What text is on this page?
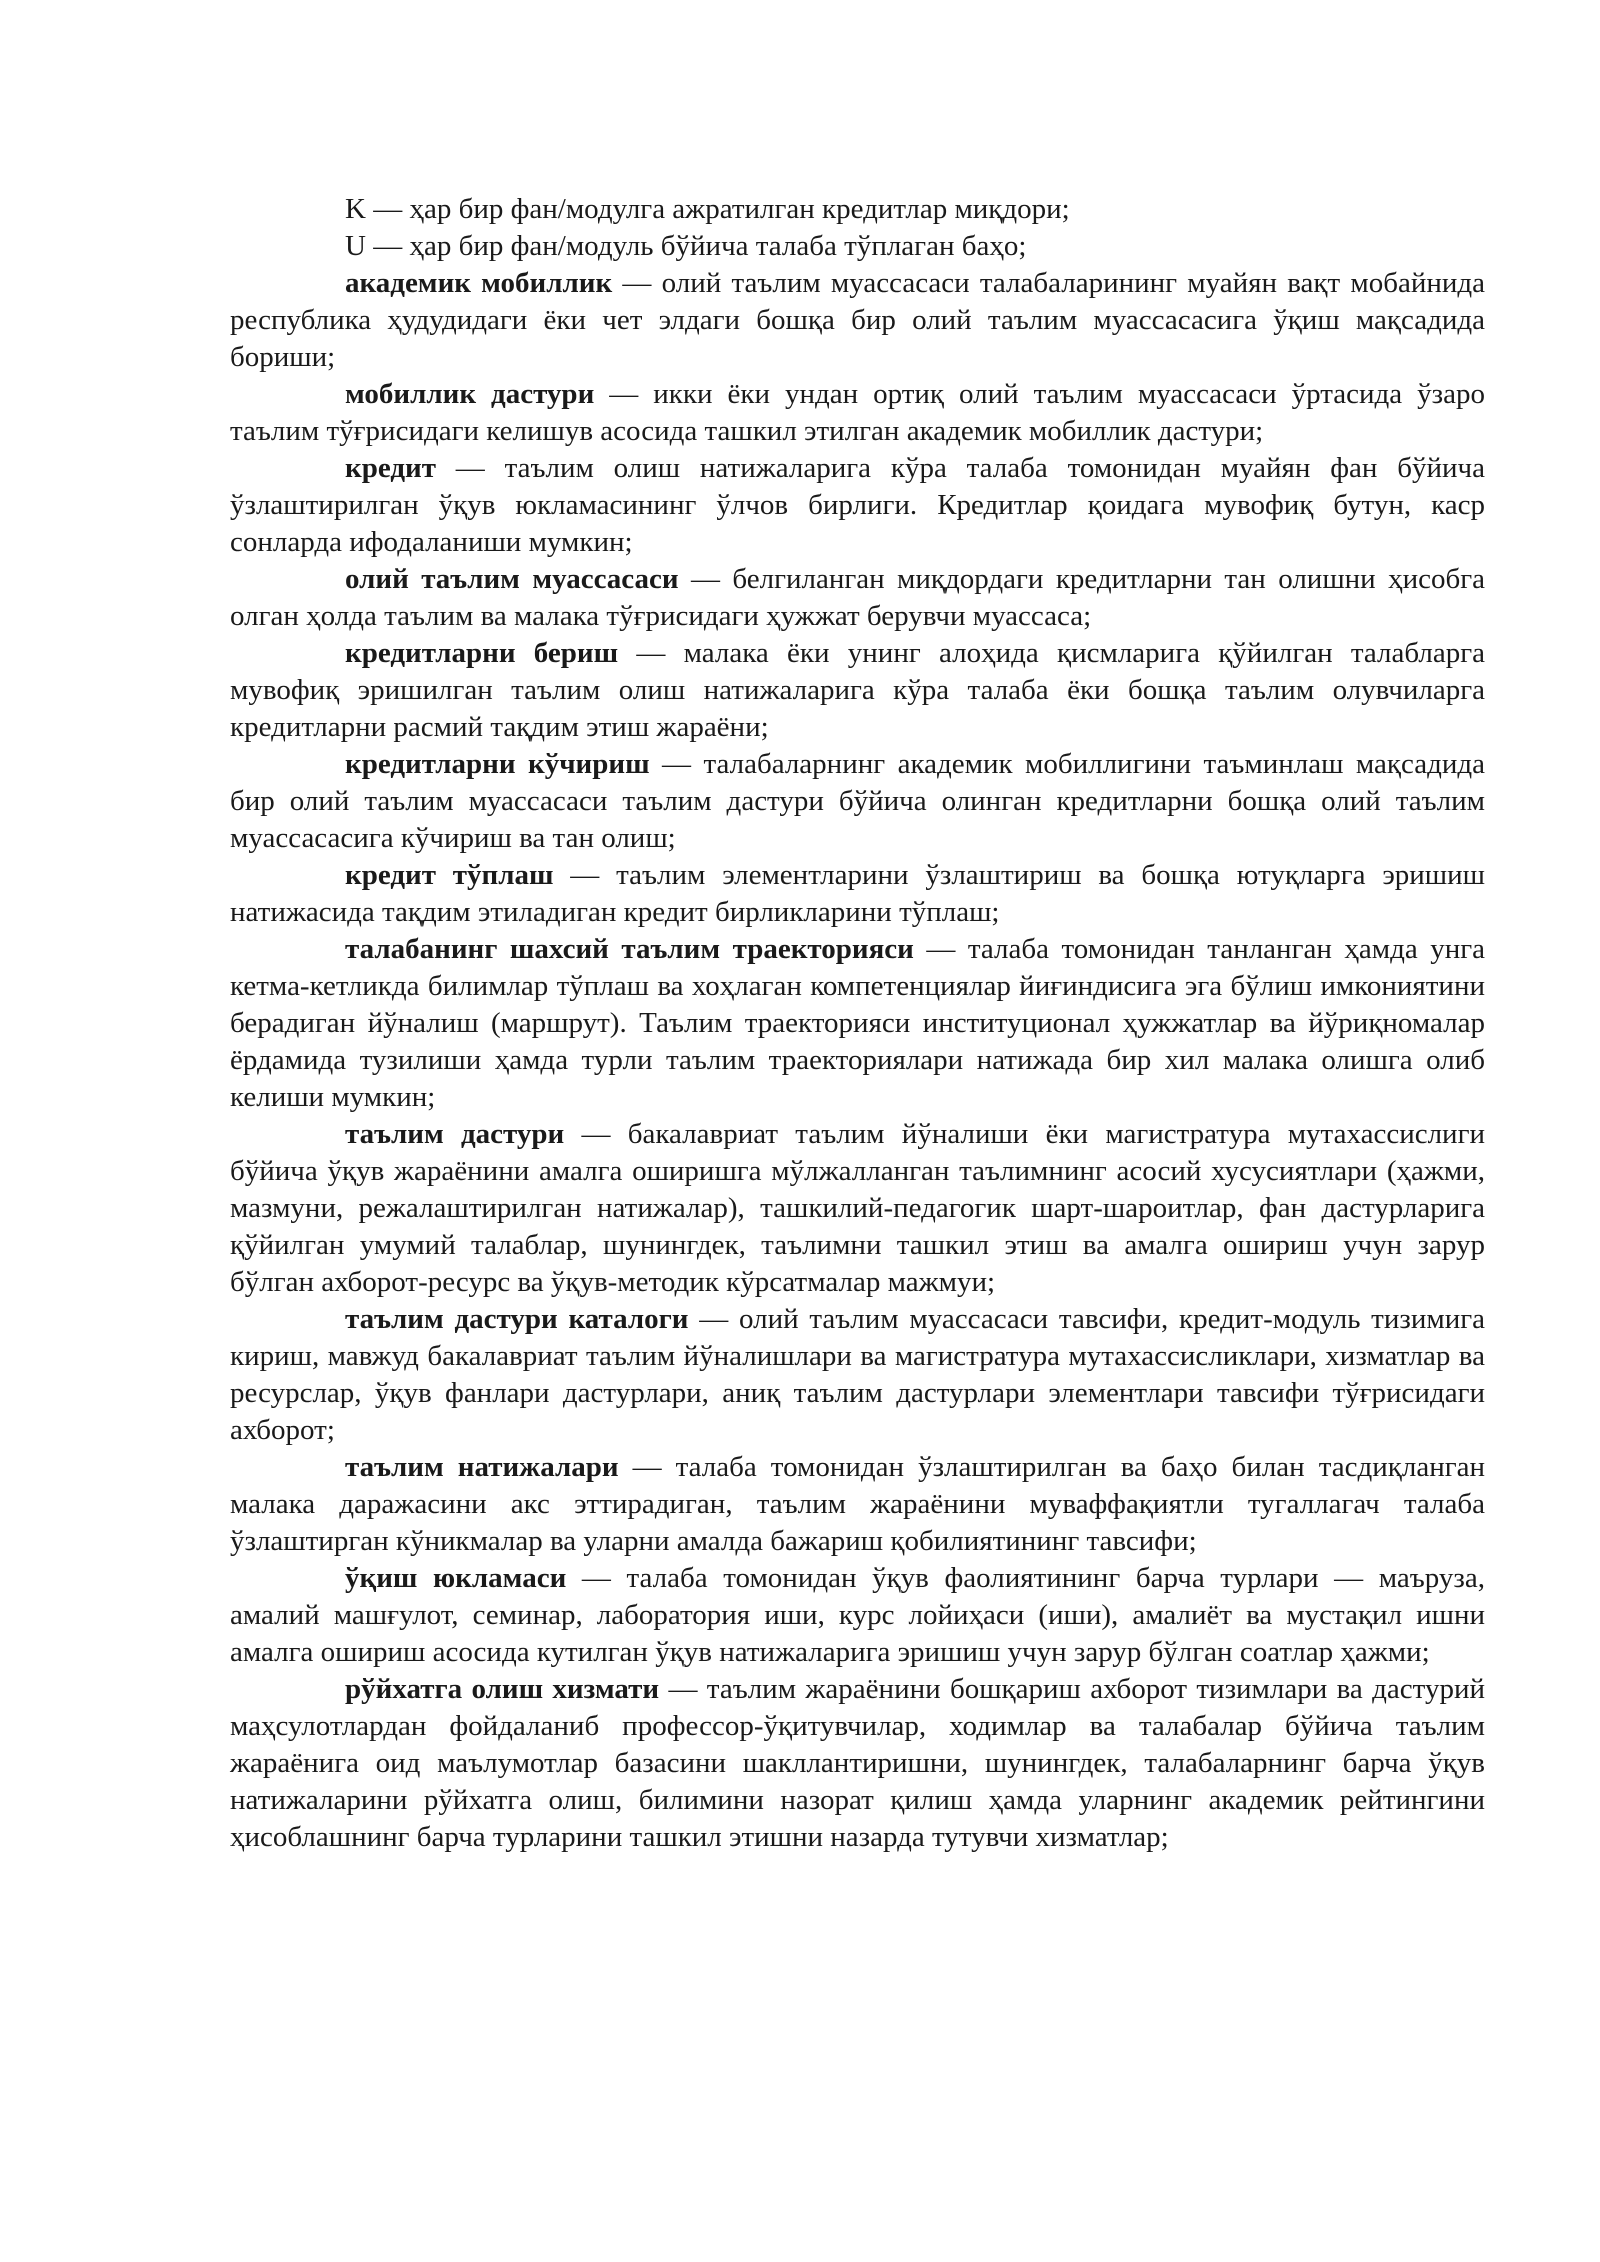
K — ҳар бир фан/модулга ажратилган кредитлар миқдори;

U — ҳар бир фан/модуль бўйича талаба тўплаган баҳо;

академик мобиллик — олий таълим муассасаси талабаларининг муайян вақт мобайнида республика ҳудудидаги ёки чет элдаги бошқа бир олий таълим муассасасига ўқиш мақсадида бориши;

мобиллик дастури — икки ёки ундан ортиқ олий таълим муассасаси ўртасида ўзаро таълим тўғрисидаги келишув асосида ташкил этилган академик мобиллик дастури;

кредит — таълим олиш натижаларига кўра талаба томонидан муайян фан бўйича ўзлаштирилган ўқув юкламасининг ўлчов бирлиги. Кредитлар қоидага мувофиқ бутун, каср сонларда ифодаланиши мумкин;

олий таълим муассасаси — белгиланган миқдордаги кредитларни тан олишни ҳисобга олган ҳолда таълим ва малака тўғрисидаги ҳужжат берувчи муассаса;

кредитларни бериш — малака ёки унинг алоҳида қисмларига қўйилган талабларга мувофиқ эришилган таълим олиш натижаларига кўра талаба ёки бошқа таълим олувчиларга кредитларни расмий тақдим этиш жараёни;

кредитларни кўчириш — талабаларнинг академик мобиллигини таъминлаш мақсадида бир олий таълим муассасаси таълим дастури бўйича олинган кредитларни бошқа олий таълим муассасасига кўчириш ва тан олиш;

кредит тўплаш — таълим элементларини ўзлаштириш ва бошқа ютуқларга эришиш натижасида тақдим этиладиган кредит бирликларини тўплаш;

талабанинг шахсий таълим траекторияси — талаба томонидан танланган ҳамда унга кетма-кетликда билимлар тўплаш ва хоҳлаган компетенциялар йиғиндисига эга бўлиш имкониятини берадиган йўналиш (маршрут). Таълим траекторияси институционал ҳужжатлар ва йўриқномалар ёрдамида тузилиши ҳамда турли таълим траекториялари натижада бир хил малака олишга олиб келиши мумкин;

таълим дастури — бакалавриат таълим йўналиши ёки магистратура мутахассислиги бўйича ўқув жараёнини амалга оширишга мўлжалланган таълимнинг асосий хусусиятлари (ҳажми, мазмуни, режалаштирилган натижалар), ташкилий-педагогик шарт-шароитлар, фан дастурларига қўйилган умумий талаблар, шунингдек, таълимни ташкил этиш ва амалга ошириш учун зарур бўлган ахборот-ресурс ва ўқув-методик кўрсатмалар мажмуи;

таълим дастури каталоги — олий таълим муассасаси тавсифи, кредит-модуль тизимига кириш, мавжуд бакалавриат таълим йўналишлари ва магистратура мутахассисликлари, хизматлар ва ресурслар, ўқув фанлари дастурлари, аниқ таълим дастурлари элементлари тавсифи тўғрисидаги ахборот;

таълим натижалари — талаба томонидан ўзлаштирилган ва баҳо билан тасдиқланган малака даражасини акс эттирадиган, таълим жараёнини муваффақиятли тугаллагач талаба ўзлаштирган кўникмалар ва уларни амалда бажариш қобилиятининг тавсифи;

ўқиш юкламаси — талаба томонидан ўқув фаолиятининг барча турлари — маъруза, амалий машғулот, семинар, лаборатория иши, курс лойиҳаси (иши), амалиёт ва мустақил ишни амалга ошириш асосида кутилган ўқув натижаларига эришиш учун зарур бўлган соатлар ҳажми;

рўйхатга олиш хизмати — таълим жараёнини бошқариш ахборот тизимлари ва дастурий маҳсулотлардан фойдаланиб профессор-ўқитувчилар, ходимлар ва талабалар бўйича таълим жараёнига оид маълумотлар базасини шакллантиришни, шунингдек, талабаларнинг барча ўқув натижаларини рўйхатга олиш, билимини назорат қилиш ҳамда уларнинг академик рейтингини ҳисоблашнинг барча турларини ташкил этишни назарда тутувчи хизматлар;
